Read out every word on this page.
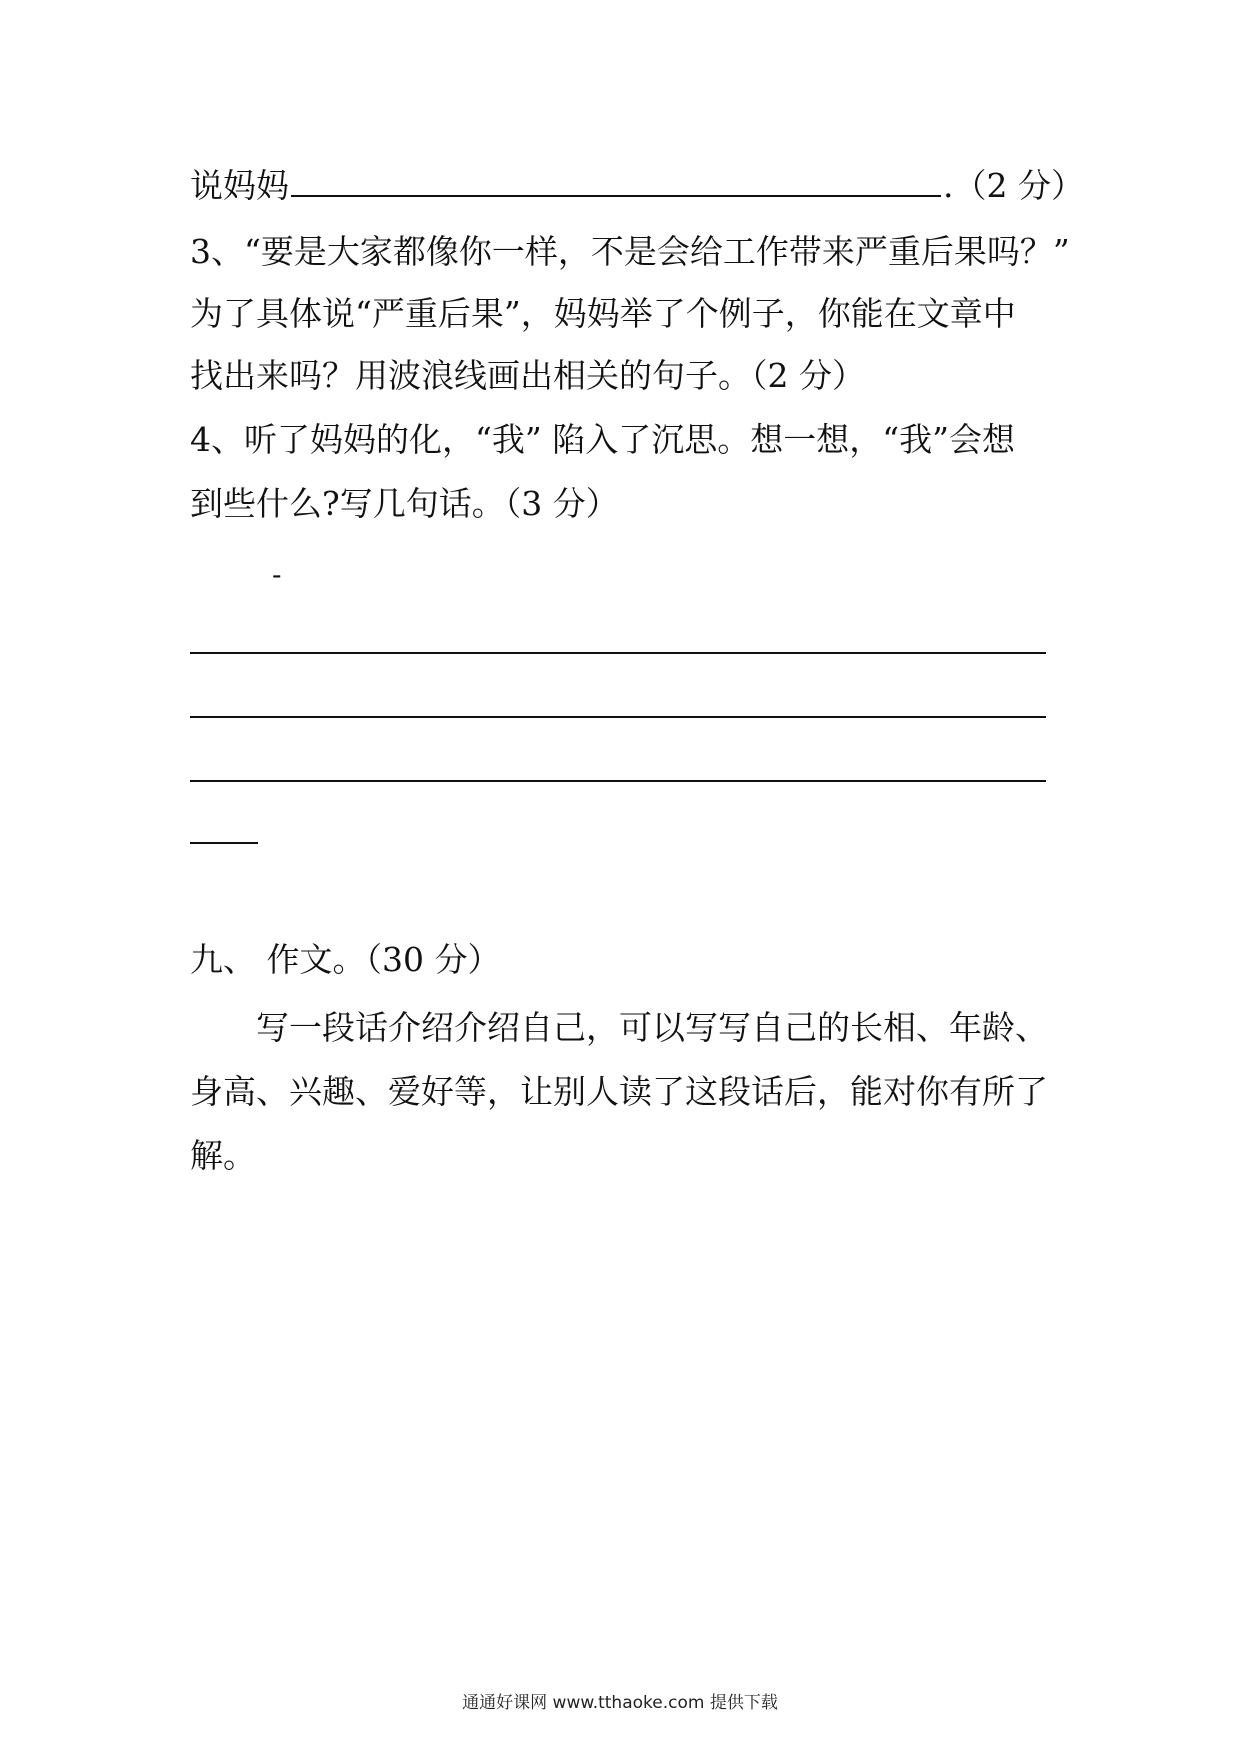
说妈妈	.（2 分）
3、“要是大家都像你一样，不是会给工作带来严重后果吗？”
为了具体说“严重后果”，妈妈举了个例子，你能在文章中
找出来吗？用波浪线画出相关的句子。（2 分）
4、听了妈妈的化，“我” 陷入了沉思。想一想，“我”会想
到些什么?写几句话。（3 分）
-
九、 作文。（30 分）
写一段话介绍介绍自己，可以写写自己的长相、年龄、
身高、兴趣、爱好等，让别人读了这段话后，能对你有所了
解。
通通好课网 www.tthaoke.com 提供下载
